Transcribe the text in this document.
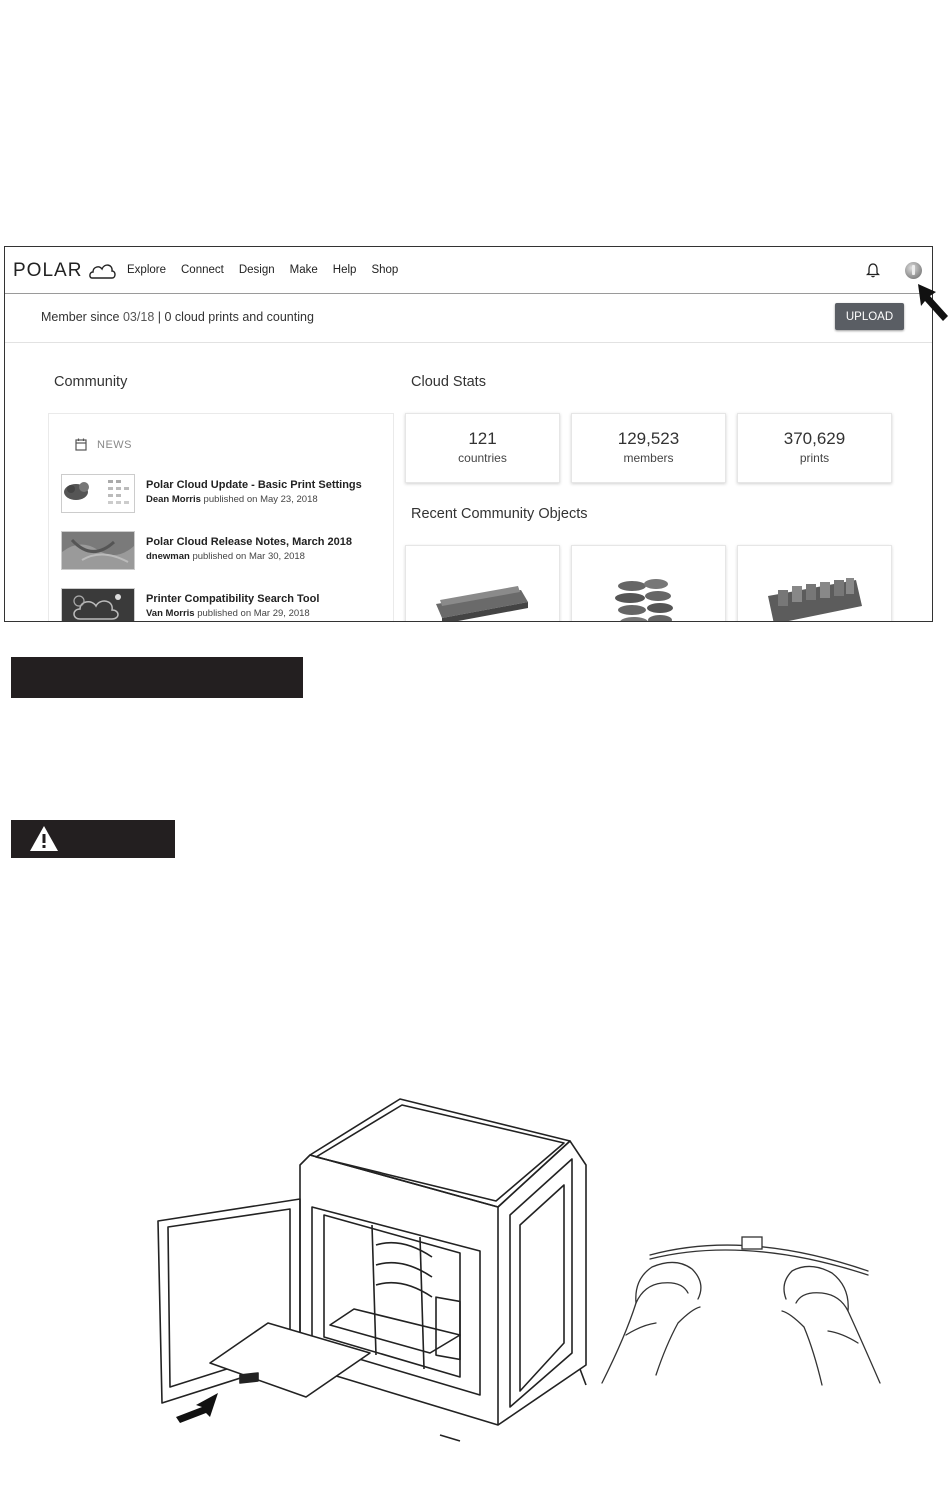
POLAR	Explore Connect Design Make Help Shop
Member since 03/18 | 0 cloud prints and counting	UPLOAD
Community
NEWS
Polar Cloud Update - Basic Print Settings
Dean Morris published on May 23, 2018
Polar Cloud Release Notes, March 2018
dnewman published on Mar 30, 2018
Printer Compatibility Search Tool
Van Morris published on Mar 29, 2018
Cloud Stats
121
countries
129,523
members
370,629
prints
Recent Community Objects
